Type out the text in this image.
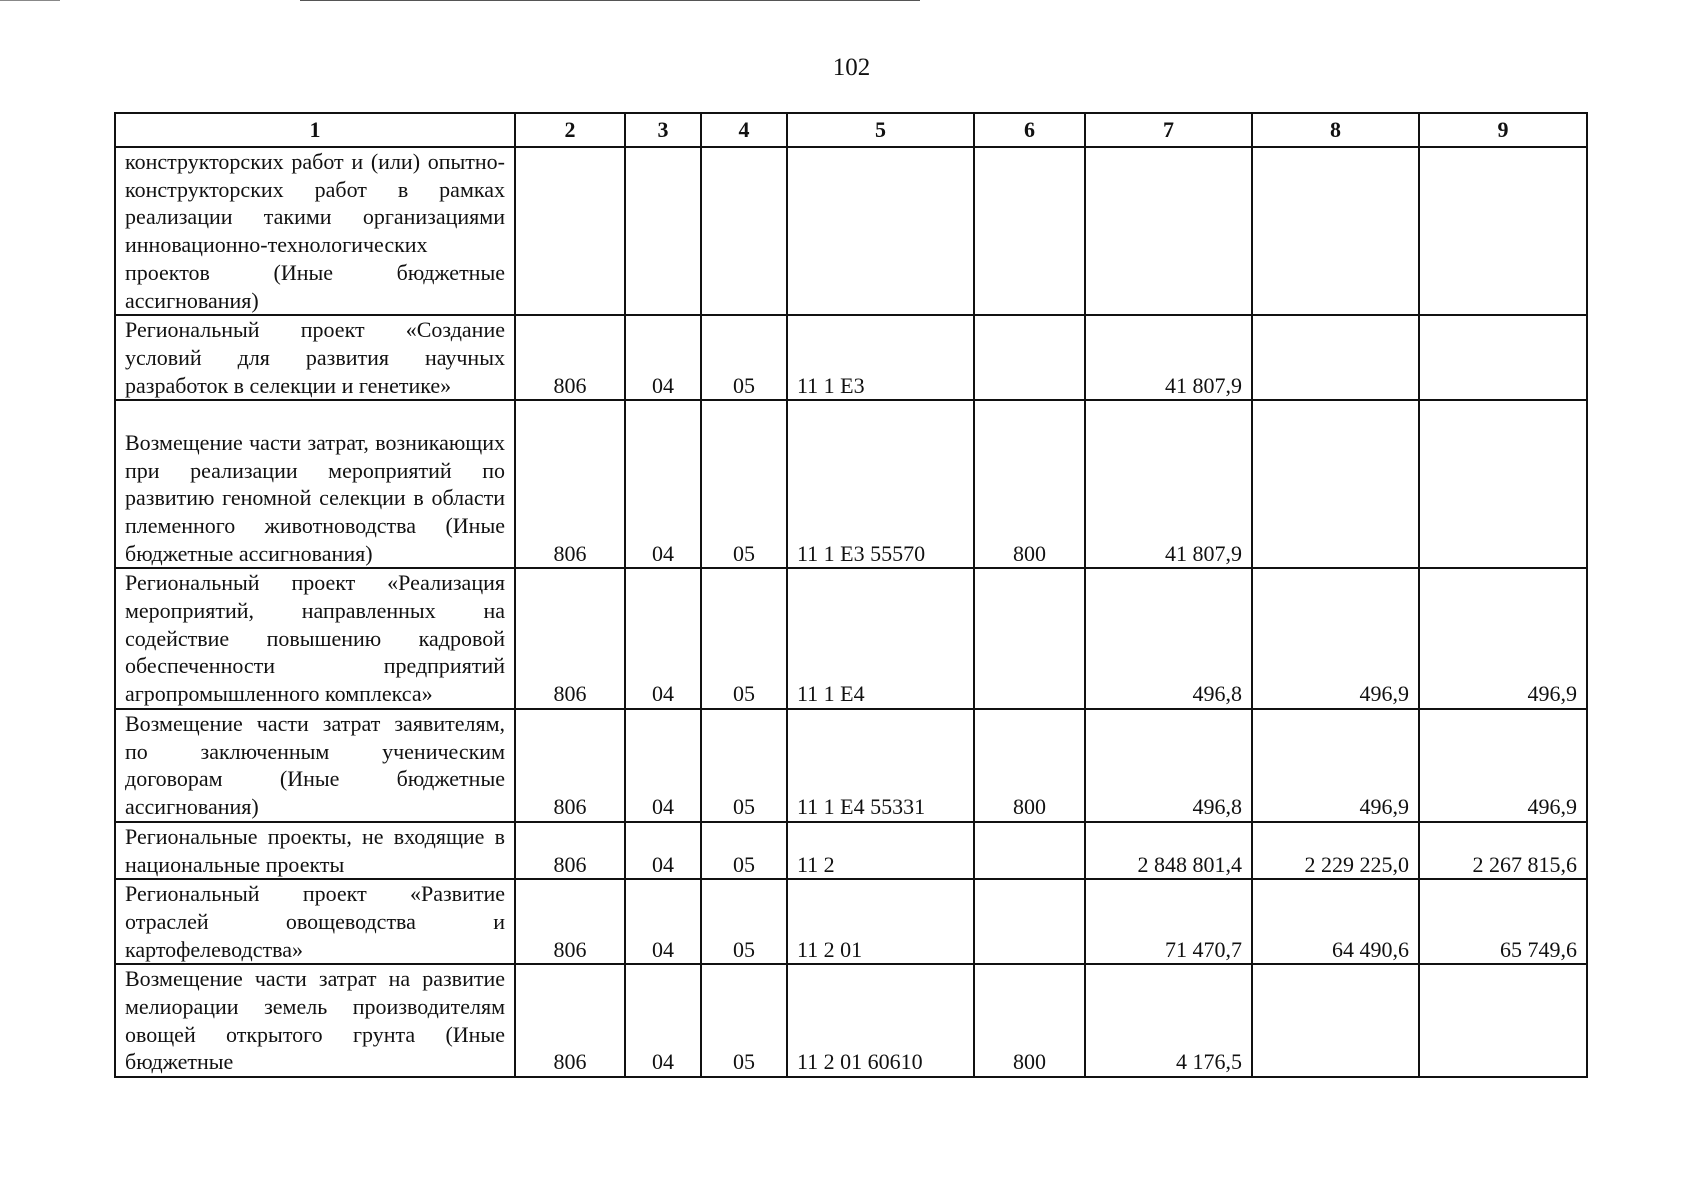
102
1	2	3	4	5	6	7	8	9
конструкторских работ и (или) опытно-конструкторских работ в рамках реализации такими организациями инновационно-технологических проектов (Иные бюджетные ассигнования)								
Региональный проект «Создание условий для развития научных разработок в селекции и генетике»	806	04	05	11 1 E3		41 807,9		
Возмещение части затрат, возникающих при реализации мероприятий по развитию геномной селекции в области племенного животноводства (Иные бюджетные ассигнования)	806	04	05	11 1 E3 55570	800	41 807,9		
Региональный проект «Реализация мероприятий, направленных на содействие повышению кадровой обеспеченности предприятий агропромышленного комплекса»	806	04	05	11 1 E4		496,8	496,9	496,9
Возмещение части затрат заявителям, по заключенным ученическим договорам (Иные бюджетные ассигнования)	806	04	05	11 1 E4 55331	800	496,8	496,9	496,9
Региональные проекты, не входящие в национальные проекты	806	04	05	11 2		2 848 801,4	2 229 225,0	2 267 815,6
Региональный проект «Развитие отраслей овощеводства и картофелеводства»	806	04	05	11 2 01		71 470,7	64 490,6	65 749,6
Возмещение части затрат на развитие мелиорации земель производителям овощей открытого грунта (Иные бюджетные	806	04	05	11 2 01 60610	800	4 176,5		
